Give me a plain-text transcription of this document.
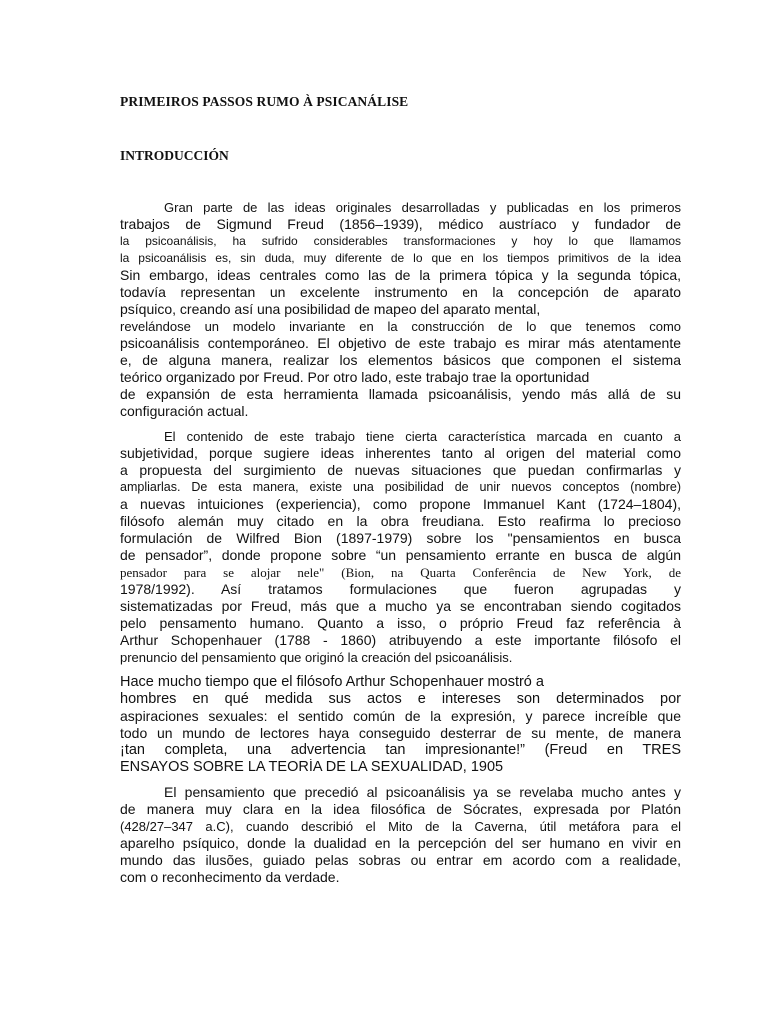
PRIMEIROS PASSOS RUMO À PSICANÁLISE
INTRODUCCIÓN
Gran parte de las ideas originales desarrolladas y publicadas en los primeros
trabajos de Sigmund Freud (1856–1939), médico austríaco y fundador de
la psicoanálisis, ha sufrido considerables transformaciones y hoy lo que llamamos
la psicoanálisis es, sin duda, muy diferente de lo que en los tiempos primitivos de la idea
Sin embargo, ideas centrales como las de la primera tópica y la segunda tópica,
todavía representan un excelente instrumento en la concepción de aparato
psíquico, creando así una posibilidad de mapeo del aparato mental,
revelándose un modelo invariante en la construcción de lo que tenemos como
psicoanálisis contemporáneo. El objetivo de este trabajo es mirar más atentamente
e, de alguna manera, realizar los elementos básicos que componen el sistema
teórico organizado por Freud. Por otro lado, este trabajo trae la oportunidad
de expansión de esta herramienta llamada psicoanálisis, yendo más allá de su
configuración actual.
El contenido de este trabajo tiene cierta característica marcada en cuanto a
subjetividad, porque sugiere ideas inherentes tanto al origen del material como
a propuesta del surgimiento de nuevas situaciones que puedan confirmarlas y
ampliarlas. De esta manera, existe una posibilidad de unir nuevos conceptos (nombre)
a nuevas intuiciones (experiencia), como propone Immanuel Kant (1724–1804),
filósofo alemán muy citado en la obra freudiana. Esto reafirma lo precioso
formulación de Wilfred Bion (1897-1979) sobre los "pensamientos en busca
de pensador”, donde propone sobre “un pensamiento errante en busca de algún
pensador para se alojar nele" (Bion, na Quarta Conferência de New York, de
1978/1992). Así tratamos formulaciones que fueron agrupadas y
sistematizadas por Freud, más que a mucho ya se encontraban siendo cogitados
pelo pensamento humano. Quanto a isso, o próprio Freud faz referência à
Arthur Schopenhauer (1788 - 1860) atribuyendo a este importante filósofo el
prenuncio del pensamiento que originó la creación del psicoanálisis.
Hace mucho tiempo que el filósofo Arthur Schopenhauer mostró a
hombres en qué medida sus actos e intereses son determinados por
aspiraciones sexuales: el sentido común de la expresión, y parece increíble que
todo un mundo de lectores haya conseguido desterrar de su mente, de manera
¡tan completa, una advertencia tan impresionante!” (Freud en TRES
ENSAYOS SOBRE LA TEORÍA DE LA SEXUALIDAD, 1905
El pensamiento que precedió al psicoanálisis ya se revelaba mucho antes y
de manera muy clara en la idea filosófica de Sócrates, expresada por Platón
(428/27–347 a.C), cuando describió el Mito de la Caverna, útil metáfora para el
aparelho psíquico, donde la dualidad en la percepción del ser humano en vivir en
mundo das ilusões, guiado pelas sobras ou entrar em acordo com a realidade,
com o reconhecimento da verdade.
